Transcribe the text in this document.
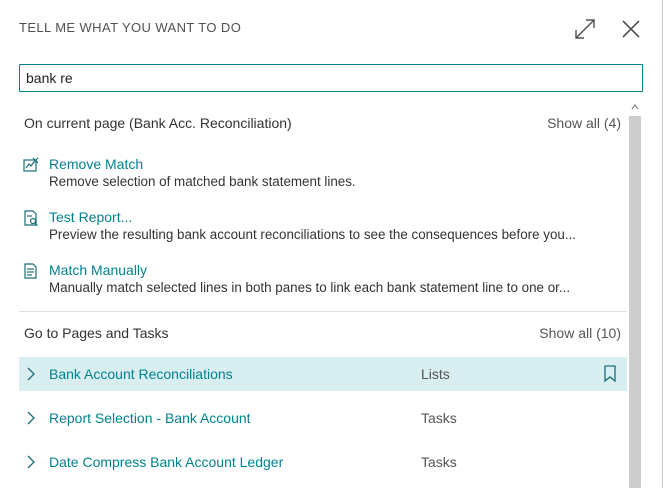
TELL ME WHAT YOU WANT TO DO
bank re
On current page (Bank Acc. Reconciliation)	Show all (4)
Remove Match
Remove selection of matched bank statement lines.
Test Report...
Preview the resulting bank account reconciliations to see the consequences before you...
Match Manually
Manually match selected lines in both panes to link each bank statement line to one or...
Go to Pages and Tasks	Show all (10)
Bank Account Reconciliations	Lists
Report Selection - Bank Account	Tasks
Date Compress Bank Account Ledger	Tasks
